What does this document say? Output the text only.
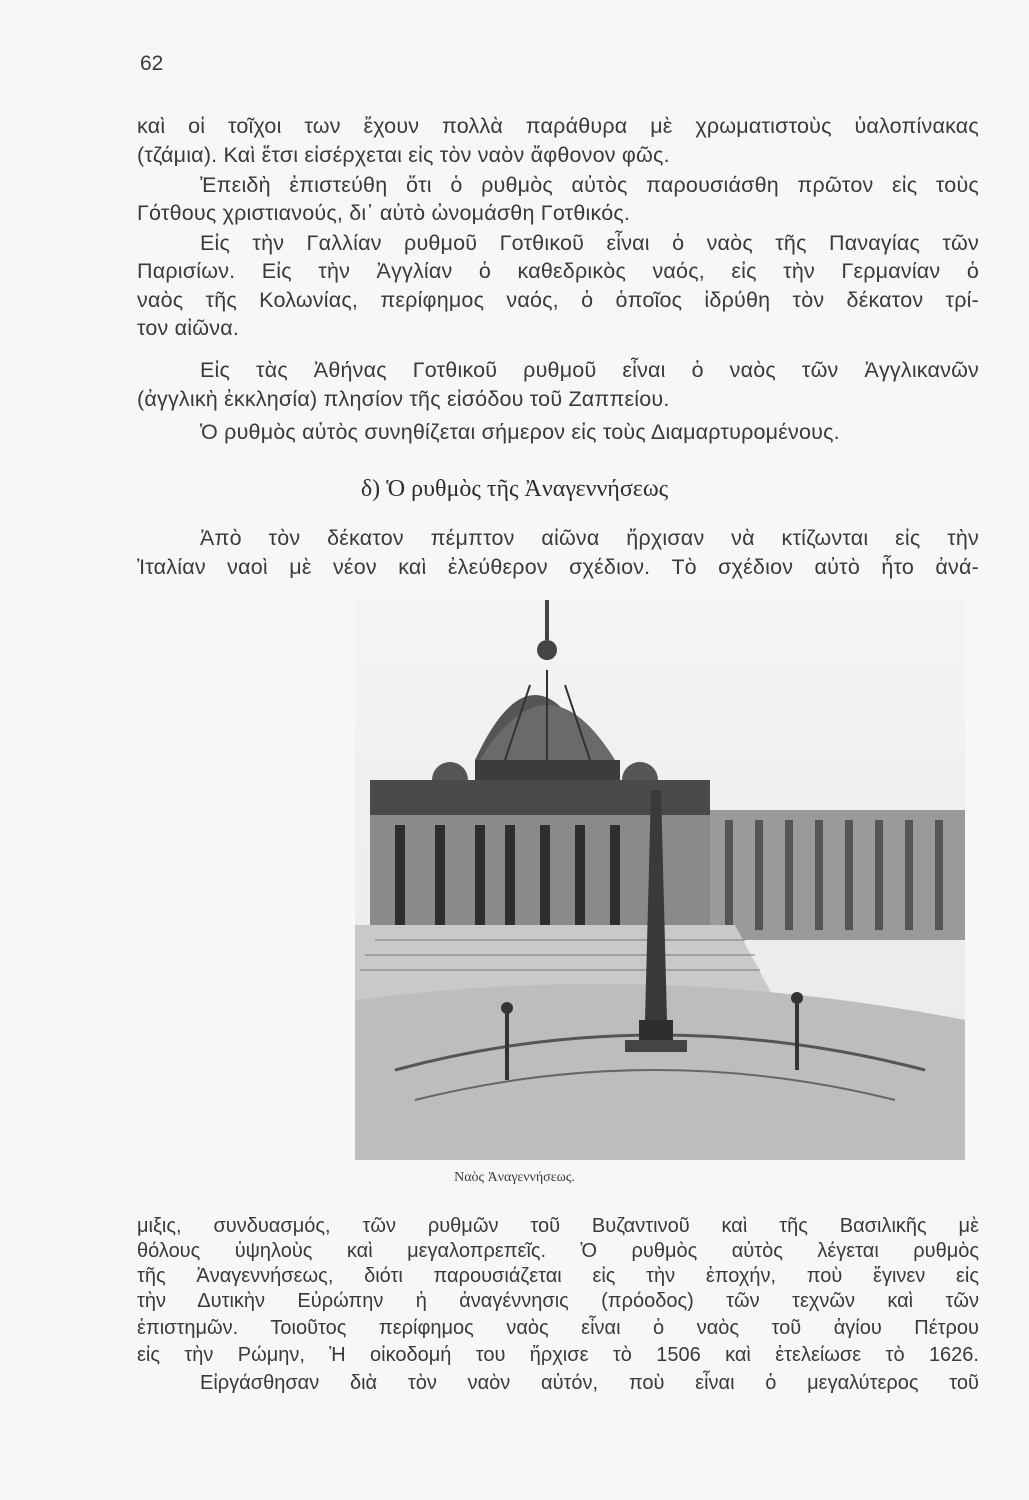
62
καὶ οἱ τοῖχοι των ἔχουν πολλὰ παράθυρα μὲ χρωματιστοὺς ὑαλοπίνακας
(τζάμια). Καὶ ἔτσι εἰσέρχεται εἰς τὸν ναὸν ἄφθονον φῶς.
Ἐπειδὴ ἐπιστεύθη ὅτι ὁ ρυθμὸς αὐτὸς παρουσιάσθη πρῶτον εἰς τοὺς
Γότθους χριστιανούς, δι᾽ αὐτὸ ὠνομάσθη Γοτθικός.
Εἰς τὴν Γαλλίαν ρυθμοῦ Γοτθικοῦ εἶναι ὁ ναὸς τῆς Παναγίας τῶν
Παρισίων. Εἰς τὴν Ἀγγλίαν ὁ καθεδρικὸς ναός, εἰς τὴν Γερμανίαν ὁ
ναὸς τῆς Κολωνίας, περίφημος ναός, ὁ ὁποῖος ἱδρύθη τὸν δέκατον τρί-
τον αἰῶνα.
Εἰς τὰς Ἀθήνας Γοτθικοῦ ρυθμοῦ εἶναι ὁ ναὸς τῶν Ἀγγλικανῶν
(ἀγγλικὴ ἐκκλησία) πλησίον τῆς εἰσόδου τοῦ Ζαππείου.
Ὁ ρυθμὸς αὐτὸς συνηθίζεται σήμερον εἰς τοὺς Διαμαρτυρομένους.
δ) Ὁ ρυθμὸς τῆς Ἀναγεννήσεως
Ἀπὸ τὸν δέκατον πέμπτον αἰῶνα ἤρχισαν νὰ κτίζωνται εἰς τὴν
Ἰταλίαν ναοὶ μὲ νέον καὶ ἐλεύθερον σχέδιον. Τὸ σχέδιον αὐτὸ ἦτο ἀνά-
Ναὸς Ἀναγεννήσεως.
μιξις, συνδυασμός, τῶν ρυθμῶν τοῦ Βυζαντινοῦ καὶ τῆς Βασιλικῆς μὲ
θόλους ὑψηλοὺς καὶ μεγαλοπρεπεῖς. Ὁ ρυθμὸς αὐτὸς λέγεται ρυθμὸς
τῆς Ἀναγεννήσεως, διότι παρουσιάζεται εἰς τὴν ἐποχήν, ποὺ ἔγινεν εἰς
τὴν Δυτικὴν Εὐρώπην ἡ ἀναγέννησις (πρόοδος) τῶν τεχνῶν καὶ τῶν
ἐπιστημῶν. Τοιοῦτος περίφημος ναὸς εἶναι ὁ ναὸς τοῦ ἁγίου Πέτρου
εἰς τὴν Ρώμην, Ἡ οἰκοδομή του ἤρχισε τὸ 1506 καὶ ἐτελείωσε τὸ 1626.
Εἰργάσθησαν διὰ τὸν ναὸν αὐτόν, ποὺ εἶναι ὁ μεγαλύτερος τοῦ
